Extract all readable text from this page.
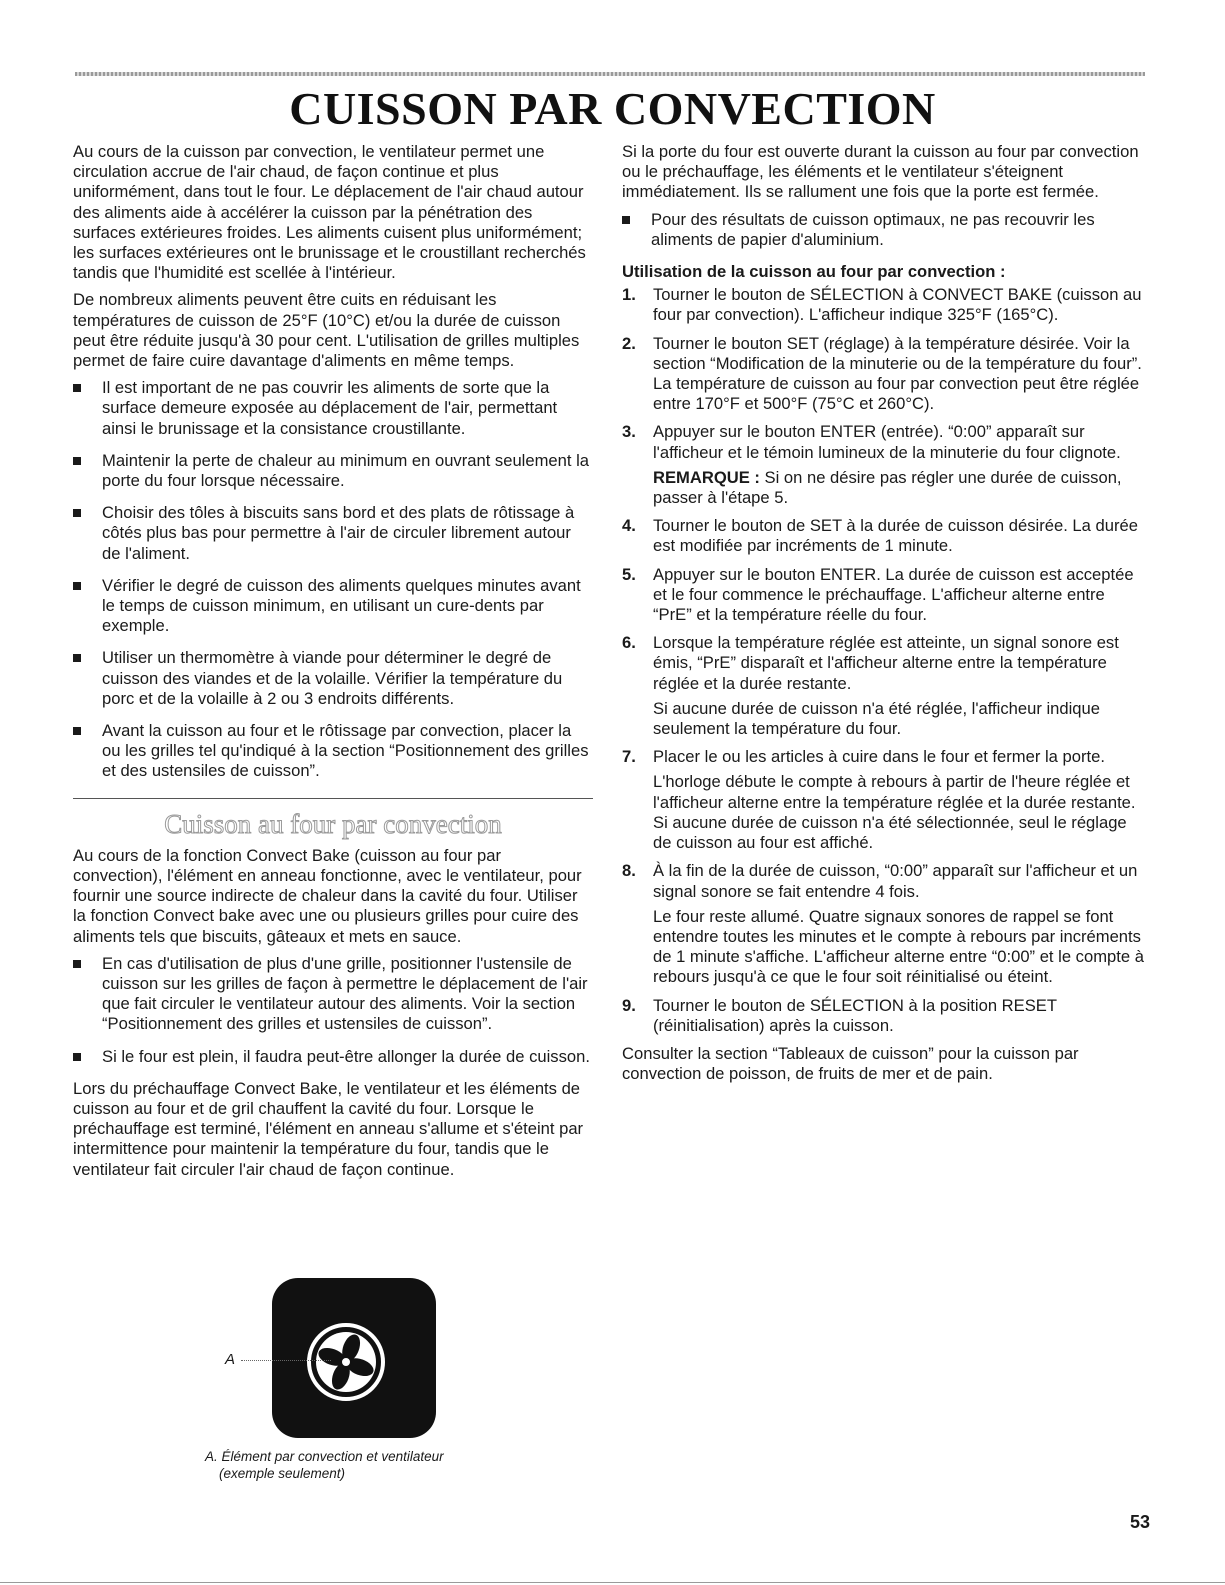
CUISSON PAR CONVECTION

Au cours de la cuisson par convection, le ventilateur permet une circulation accrue de l'air chaud, de façon continue et plus uniformément, dans tout le four. Le déplacement de l'air chaud autour des aliments aide à accélérer la cuisson par la pénétration des surfaces extérieures froides. Les aliments cuisent plus uniformément; les surfaces extérieures ont le brunissage et le croustillant recherchés tandis que l'humidité est scellée à l'intérieur.

De nombreux aliments peuvent être cuits en réduisant les températures de cuisson de 25°F (10°C) et/ou la durée de cuisson peut être réduite jusqu'à 30 pour cent. L'utilisation de grilles multiples permet de faire cuire davantage d'aliments en même temps.

Il est important de ne pas couvrir les aliments de sorte que la surface demeure exposée au déplacement de l'air, permettant ainsi le brunissage et la consistance croustillante.
Maintenir la perte de chaleur au minimum en ouvrant seulement la porte du four lorsque nécessaire.
Choisir des tôles à biscuits sans bord et des plats de rôtissage à côtés plus bas pour permettre à l'air de circuler librement autour de l'aliment.
Vérifier le degré de cuisson des aliments quelques minutes avant le temps de cuisson minimum, en utilisant un cure-dents par exemple.
Utiliser un thermomètre à viande pour déterminer le degré de cuisson des viandes et de la volaille. Vérifier la température du porc et de la volaille à 2 ou 3 endroits différents.
Avant la cuisson au four et le rôtissage par convection, placer la ou les grilles tel qu'indiqué à la section “Positionnement des grilles et des ustensiles de cuisson”.
Cuisson au four par convection

Au cours de la fonction Convect Bake (cuisson au four par convection), l'élément en anneau fonctionne, avec le ventilateur, pour fournir une source indirecte de chaleur dans la cavité du four. Utiliser la fonction Convect bake avec une ou plusieurs grilles pour cuire des aliments tels que biscuits, gâteaux et mets en sauce.

En cas d'utilisation de plus d'une grille, positionner l'ustensile de cuisson sur les grilles de façon à permettre le déplacement de l'air que fait circuler le ventilateur autour des aliments. Voir la section “Positionnement des grilles et ustensiles de cuisson”.
Si le four est plein, il faudra peut-être allonger la durée de cuisson.

Lors du préchauffage Convect Bake, le ventilateur et les éléments de cuisson au four et de gril chauffent la cavité du four. Lorsque le préchauffage est terminé, l'élément en anneau s'allume et s'éteint par intermittence pour maintenir la température du four, tandis que le ventilateur fait circuler l'air chaud de façon continue.

A
A. Élément par convection et ventilateur
(exemple seulement)

Si la porte du four est ouverte durant la cuisson au four par convection ou le préchauffage, les éléments et le ventilateur s'éteignent immédiatement. Ils se rallument une fois que la porte est fermée.

Pour des résultats de cuisson optimaux, ne pas recouvrir les aliments de papier d'aluminium.
Utilisation de la cuisson au four par convection :
1. Tourner le bouton de SÉLECTION à CONVECT BAKE (cuisson au four par convection). L'afficheur indique 325°F (165°C).
2. Tourner le bouton SET (réglage) à la température désirée. Voir la section “Modification de la minuterie ou de la température du four”.
La température de cuisson au four par convection peut être réglée entre 170°F et 500°F (75°C et 260°C).
3. Appuyer sur le bouton ENTER (entrée). “0:00” apparaît sur l'afficheur et le témoin lumineux de la minuterie du four clignote.
REMARQUE : Si on ne désire pas régler une durée de cuisson, passer à l'étape 5.
4. Tourner le bouton de SET à la durée de cuisson désirée. La durée est modifiée par incréments de 1 minute.
5. Appuyer sur le bouton ENTER. La durée de cuisson est acceptée et le four commence le préchauffage. L'afficheur alterne entre “PrE” et la température réelle du four.
6. Lorsque la température réglée est atteinte, un signal sonore est émis, “PrE” disparaît et l'afficheur alterne entre la température réglée et la durée restante.
Si aucune durée de cuisson n'a été réglée, l'afficheur indique seulement la température du four.
7. Placer le ou les articles à cuire dans le four et fermer la porte.
L'horloge débute le compte à rebours à partir de l'heure réglée et l'afficheur alterne entre la température réglée et la durée restante. Si aucune durée de cuisson n'a été sélectionnée, seul le réglage de cuisson au four est affiché.
8. À la fin de la durée de cuisson, “0:00” apparaît sur l'afficheur et un signal sonore se fait entendre 4 fois.
Le four reste allumé. Quatre signaux sonores de rappel se font entendre toutes les minutes et le compte à rebours par incréments de 1 minute s'affiche. L'afficheur alterne entre “0:00” et le compte à rebours jusqu'à ce que le four soit réinitialisé ou éteint.
9. Tourner le bouton de SÉLECTION à la position RESET (réinitialisation) après la cuisson.

Consulter la section “Tableaux de cuisson” pour la cuisson par convection de poisson, de fruits de mer et de pain.

53
